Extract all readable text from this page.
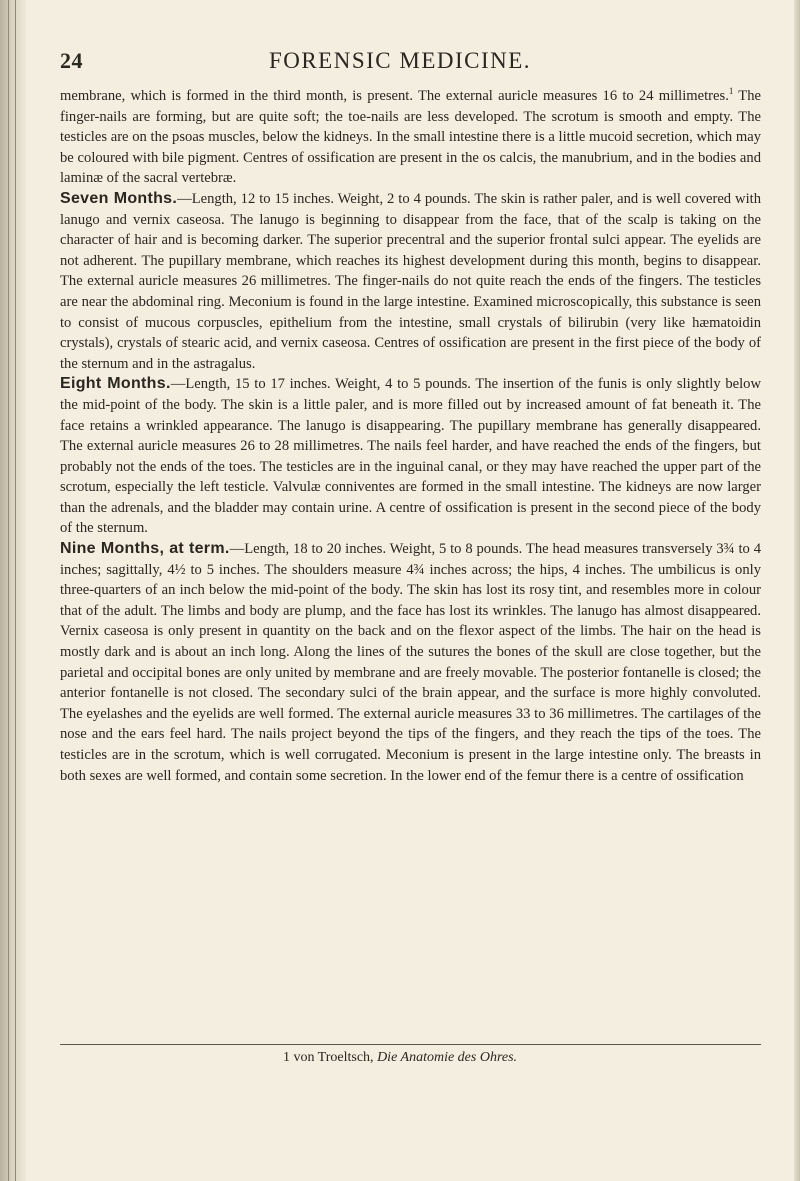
24	FORENSIC MEDICINE.

membrane, which is formed in the third month, is present. The external auricle measures 16 to 24 millimetres.$^1$ The finger-nails are forming, but are quite soft; the toe-nails are less developed. The scrotum is smooth and empty. The testicles are on the psoas muscles, below the kidneys. In the small intestine there is a little mucoid secretion, which may be coloured with bile pigment. Centres of ossification are present in the os calcis, the manubrium, and in the bodies and laminæ of the sacral vertebræ.

Seven Months.—Length, 12 to 15 inches. Weight, 2 to 4 pounds. The skin is rather paler, and is well covered with lanugo and vernix caseosa. The lanugo is beginning to disappear from the face, that of the scalp is taking on the character of hair and is becoming darker. The superior precentral and the superior frontal sulci appear. The eyelids are not adherent. The pupillary membrane, which reaches its highest development during this month, begins to disappear. The external auricle measures 26 millimetres. The finger-nails do not quite reach the ends of the fingers. The testicles are near the abdominal ring. Meconium is found in the large intestine. Examined microscopically, this substance is seen to consist of mucous corpuscles, epithelium from the intestine, small crystals of bilirubin (very like hæmatoidin crystals), crystals of stearic acid, and vernix caseosa. Centres of ossification are present in the first piece of the body of the sternum and in the astragalus.

Eight Months.—Length, 15 to 17 inches. Weight, 4 to 5 pounds. The insertion of the funis is only slightly below the mid-point of the body. The skin is a little paler, and is more filled out by increased amount of fat beneath it. The face retains a wrinkled appearance. The lanugo is disappearing. The pupillary membrane has generally disappeared. The external auricle measures 26 to 28 millimetres. The nails feel harder, and have reached the ends of the fingers, but probably not the ends of the toes. The testicles are in the inguinal canal, or they may have reached the upper part of the scrotum, especially the left testicle. Valvulæ conniventes are formed in the small intestine. The kidneys are now larger than the adrenals, and the bladder may contain urine. A centre of ossification is present in the second piece of the body of the sternum.

Nine Months, at term.—Length, 18 to 20 inches. Weight, 5 to 8 pounds. The head measures transversely 3¾ to 4 inches; sagittally, 4½ to 5 inches. The shoulders measure 4¾ inches across; the hips, 4 inches. The umbilicus is only three-quarters of an inch below the mid-point of the body. The skin has lost its rosy tint, and resembles more in colour that of the adult. The limbs and body are plump, and the face has lost its wrinkles. The lanugo has almost disappeared. Vernix caseosa is only present in quantity on the back and on the flexor aspect of the limbs. The hair on the head is mostly dark and is about an inch long. Along the lines of the sutures the bones of the skull are close together, but the parietal and occipital bones are only united by membrane and are freely movable. The posterior fontanelle is closed; the anterior fontanelle is not closed. The secondary sulci of the brain appear, and the surface is more highly convoluted. The eyelashes and the eyelids are well formed. The external auricle measures 33 to 36 millimetres. The cartilages of the nose and the ears feel hard. The nails project beyond the tips of the fingers, and they reach the tips of the toes. The testicles are in the scrotum, which is well corrugated. Meconium is present in the large intestine only. The breasts in both sexes are well formed, and contain some secretion. In the lower end of the femur there is a centre of ossification

1 von Troeltsch, Die Anatomie des Ohres.
